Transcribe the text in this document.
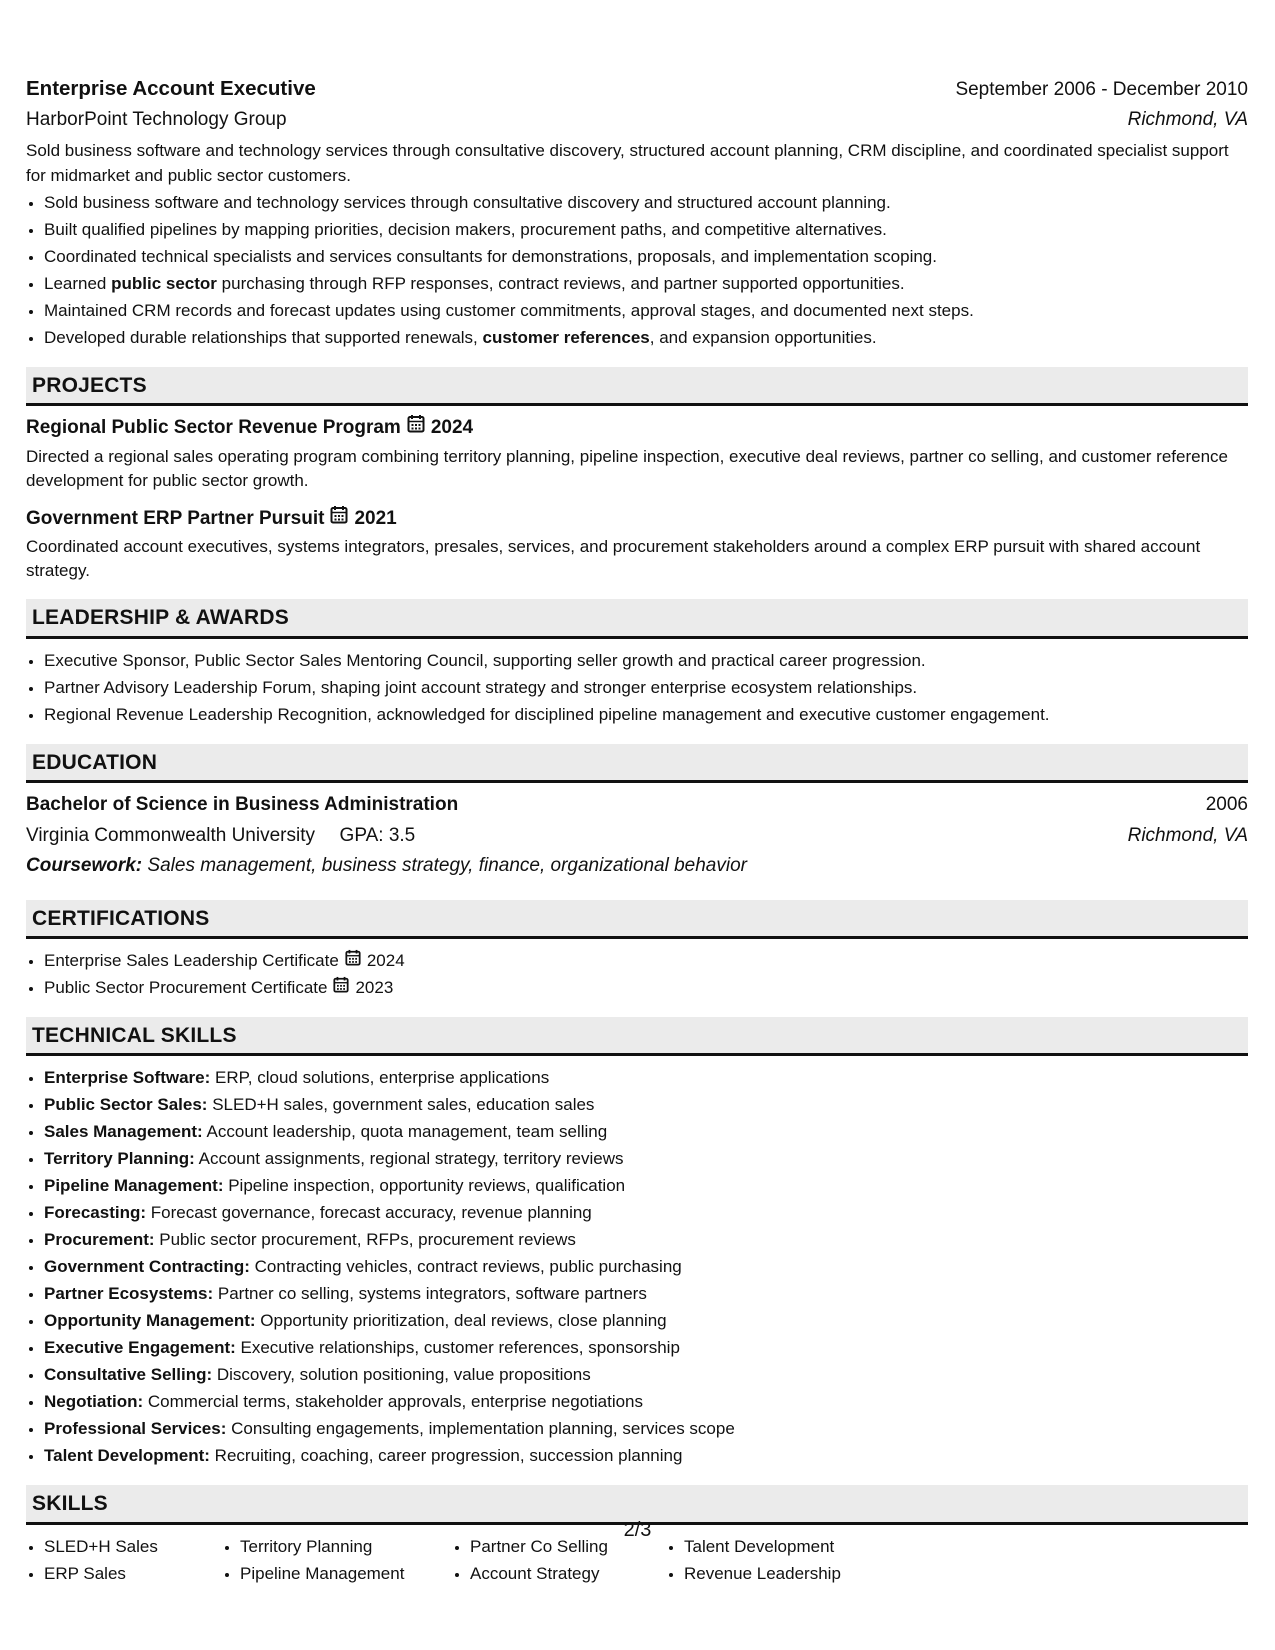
Enterprise Account Executive	September 2006 - December 2010
HarborPoint Technology Group	Richmond, VA
Sold business software and technology services through consultative discovery, structured account planning, CRM discipline, and coordinated specialist support for midmarket and public sector customers.
• Sold business software and technology services through consultative discovery and structured account planning.
• Built qualified pipelines by mapping priorities, decision makers, procurement paths, and competitive alternatives.
• Coordinated technical specialists and services consultants for demonstrations, proposals, and implementation scoping.
• Learned public sector purchasing through RFP responses, contract reviews, and partner supported opportunities.
• Maintained CRM records and forecast updates using customer commitments, approval stages, and documented next steps.
• Developed durable relationships that supported renewals, customer references, and expansion opportunities.
PROJECTS
Regional Public Sector Revenue Program 2024
Directed a regional sales operating program combining territory planning, pipeline inspection, executive deal reviews, partner co selling, and customer reference development for public sector growth.
Government ERP Partner Pursuit 2021
Coordinated account executives, systems integrators, presales, services, and procurement stakeholders around a complex ERP pursuit with shared account strategy.
LEADERSHIP & AWARDS
• Executive Sponsor, Public Sector Sales Mentoring Council, supporting seller growth and practical career progression.
• Partner Advisory Leadership Forum, shaping joint account strategy and stronger enterprise ecosystem relationships.
• Regional Revenue Leadership Recognition, acknowledged for disciplined pipeline management and executive customer engagement.
EDUCATION
Bachelor of Science in Business Administration	2006
Virginia Commonwealth University GPA: 3.5	Richmond, VA
Coursework: Sales management, business strategy, finance, organizational behavior
CERTIFICATIONS
• Enterprise Sales Leadership Certificate 2024
• Public Sector Procurement Certificate 2023
TECHNICAL SKILLS
• Enterprise Software: ERP, cloud solutions, enterprise applications
• Public Sector Sales: SLED+H sales, government sales, education sales
• Sales Management: Account leadership, quota management, team selling
• Territory Planning: Account assignments, regional strategy, territory reviews
• Pipeline Management: Pipeline inspection, opportunity reviews, qualification
• Forecasting: Forecast governance, forecast accuracy, revenue planning
• Procurement: Public sector procurement, RFPs, procurement reviews
• Government Contracting: Contracting vehicles, contract reviews, public purchasing
• Partner Ecosystems: Partner co selling, systems integrators, software partners
• Opportunity Management: Opportunity prioritization, deal reviews, close planning
• Executive Engagement: Executive relationships, customer references, sponsorship
• Consultative Selling: Discovery, solution positioning, value propositions
• Negotiation: Commercial terms, stakeholder approvals, enterprise negotiations
• Professional Services: Consulting engagements, implementation planning, services scope
• Talent Development: Recruiting, coaching, career progression, succession planning
SKILLS
• SLED+H Sales
• ERP Sales
• Territory Planning
• Pipeline Management
• Partner Co Selling
• Account Strategy
• Talent Development
• Revenue Leadership
2/3
